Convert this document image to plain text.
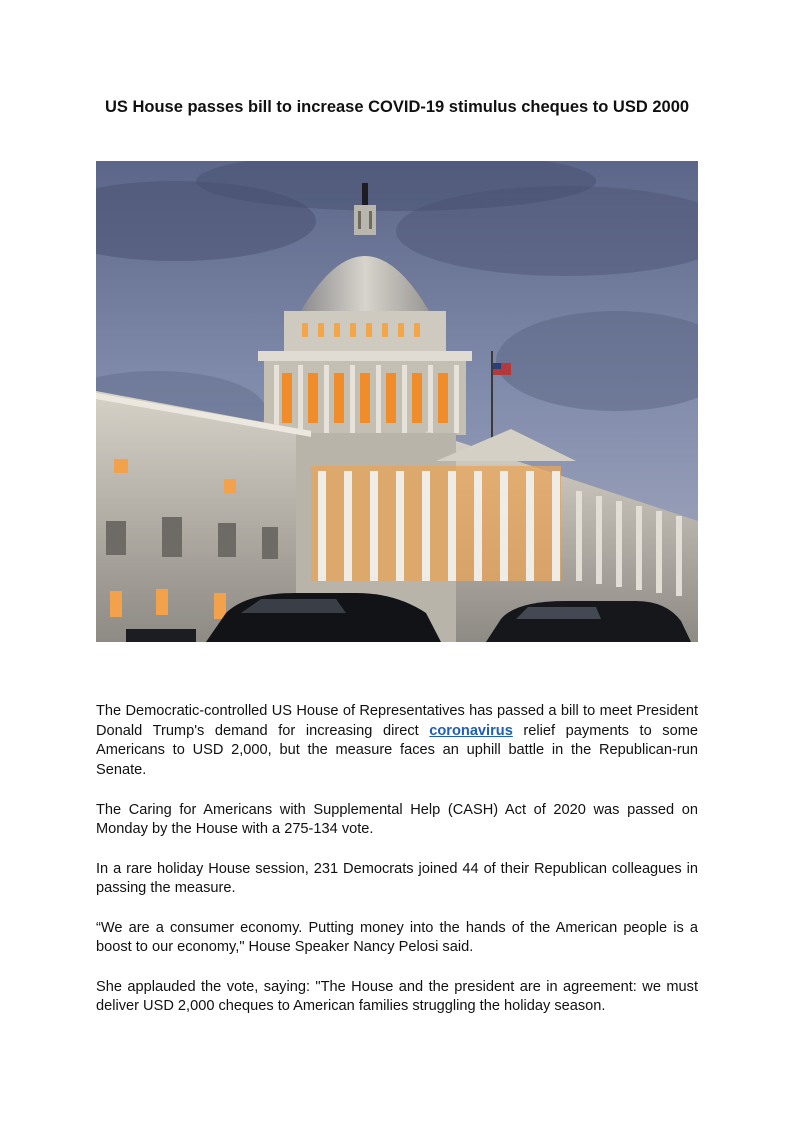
US House passes bill to increase COVID-19 stimulus cheques to USD 2000

The Democratic-controlled US House of Representatives has passed a bill to meet President Donald Trump's demand for increasing direct coronavirus relief payments to some Americans to USD 2,000, but the measure faces an uphill battle in the Republican-run Senate.

The Caring for Americans with Supplemental Help (CASH) Act of 2020 was passed on Monday by the House with a 275-134 vote.

In a rare holiday House session, 231 Democrats joined 44 of their Republican colleagues in passing the measure.

“We are a consumer economy. Putting money into the hands of the American people is a boost to our economy," House Speaker Nancy Pelosi said.

She applauded the vote, saying: "The House and the president are in agreement: we must deliver USD 2,000 cheques to American families struggling the holiday season.
